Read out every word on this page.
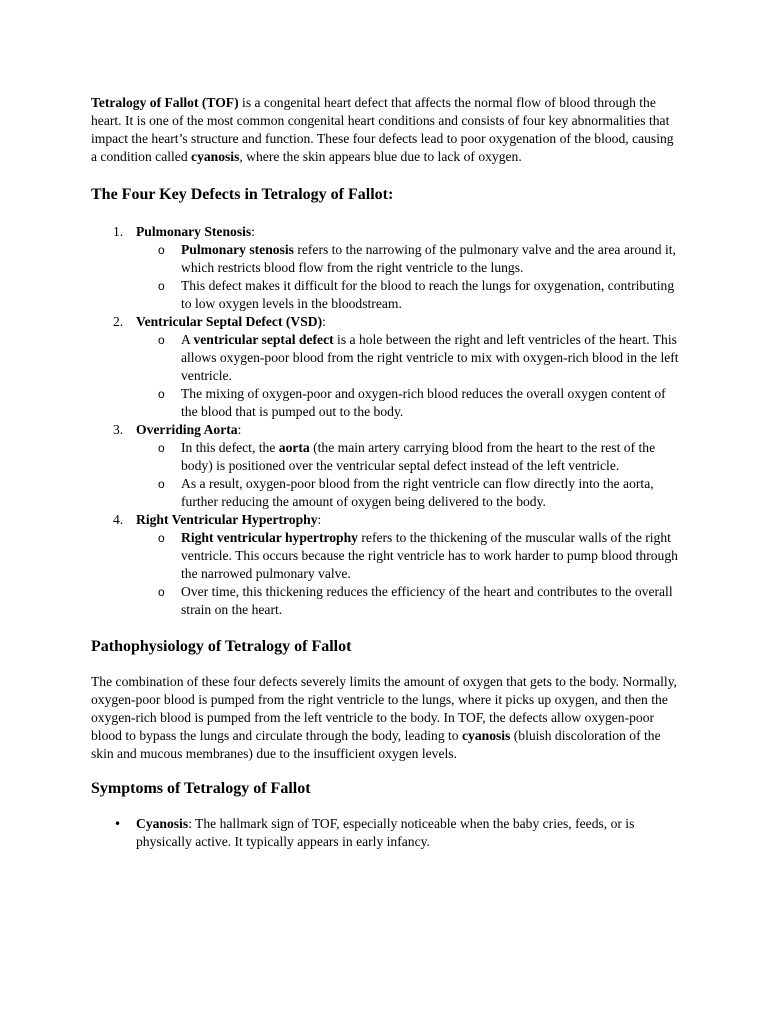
Tetralogy of Fallot (TOF) is a congenital heart defect that affects the normal flow of blood through the heart. It is one of the most common congenital heart conditions and consists of four key abnormalities that impact the heart’s structure and function. These four defects lead to poor oxygenation of the blood, causing a condition called cyanosis, where the skin appears blue due to lack of oxygen.

The Four Key Defects in Tetralogy of Fallot:
1. Pulmonary Stenosis:
o Pulmonary stenosis refers to the narrowing of the pulmonary valve and the area around it, which restricts blood flow from the right ventricle to the lungs.
o This defect makes it difficult for the blood to reach the lungs for oxygenation, contributing to low oxygen levels in the bloodstream.
2. Ventricular Septal Defect (VSD):
o A ventricular septal defect is a hole between the right and left ventricles of the heart. This allows oxygen-poor blood from the right ventricle to mix with oxygen-rich blood in the left ventricle.
o The mixing of oxygen-poor and oxygen-rich blood reduces the overall oxygen content of the blood that is pumped out to the body.
3. Overriding Aorta:
o In this defect, the aorta (the main artery carrying blood from the heart to the rest of the body) is positioned over the ventricular septal defect instead of the left ventricle.
o As a result, oxygen-poor blood from the right ventricle can flow directly into the aorta, further reducing the amount of oxygen being delivered to the body.
4. Right Ventricular Hypertrophy:
o Right ventricular hypertrophy refers to the thickening of the muscular walls of the right ventricle. This occurs because the right ventricle has to work harder to pump blood through the narrowed pulmonary valve.
o Over time, this thickening reduces the efficiency of the heart and contributes to the overall strain on the heart.
Pathophysiology of Tetralogy of Fallot

The combination of these four defects severely limits the amount of oxygen that gets to the body. Normally, oxygen-poor blood is pumped from the right ventricle to the lungs, where it picks up oxygen, and then the oxygen-rich blood is pumped from the left ventricle to the body. In TOF, the defects allow oxygen-poor blood to bypass the lungs and circulate through the body, leading to cyanosis (bluish discoloration of the skin and mucous membranes) due to the insufficient oxygen levels.

Symptoms of Tetralogy of Fallot
• Cyanosis: The hallmark sign of TOF, especially noticeable when the baby cries, feeds, or is physically active. It typically appears in early infancy.
